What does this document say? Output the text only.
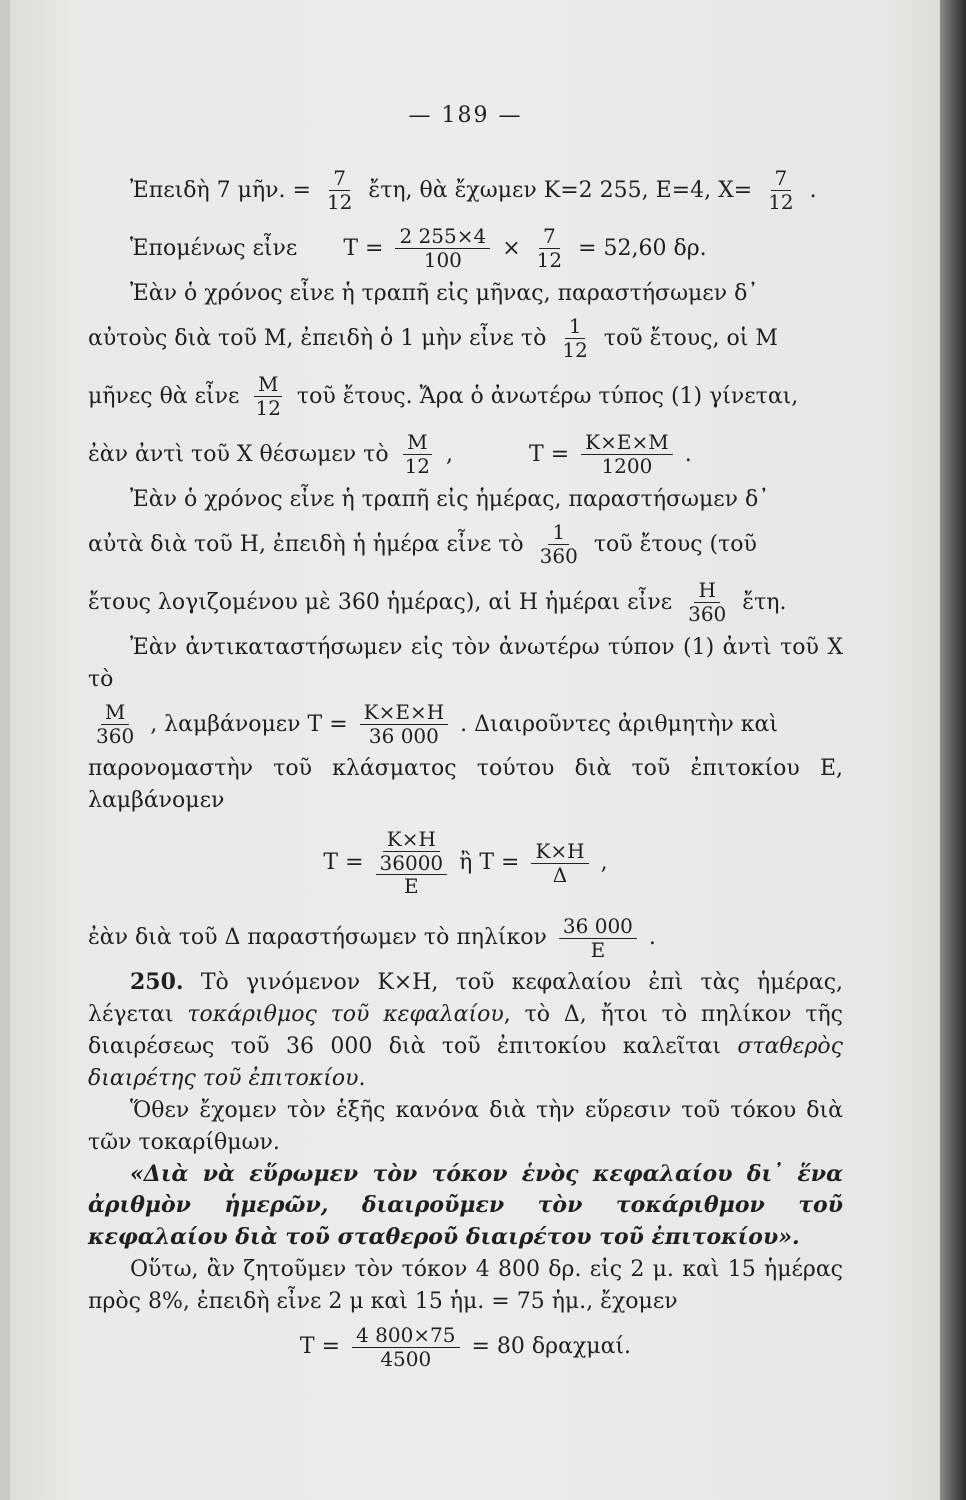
— 189 —
Ἐπειδὴ 7 μῆν. = $\frac{7}{12}$ ἔτη, θὰ ἔχωμεν K=2 255, E=4, $X= \frac{7}{12}$ .
Ἑπομένως εἶνε $T = \frac{2 255\times 4}{100} \times \frac{7}{12} = 52,60$ δρ.

Ἐὰν ὁ χρόνος εἶνε ἡ τραπῆ εἰς μῆνας, παραστήσωμεν δ᾿

αὐτοὺς διὰ τοῦ M, ἐπειδὴ ὁ 1 μὴν εἶνε τὸ $\frac{1}{12}$ τοῦ ἔτους, οἱ M
μῆνες θὰ εἶνε $\frac{M}{12}$ τοῦ ἔτους. Ἄρα ὁ ἀνωτέρω τύπος (1) γίνεται,
ἐὰν ἀντὶ τοῦ X θέσωμεν τὸ $\frac{M}{12}$ ,	$T = \frac{K\times E\times M}{1200}$ .

Ἐὰν ὁ χρόνος εἶνε ἡ τραπῆ εἰς ἡμέρας, παραστήσωμεν δ᾿

αὐτὰ διὰ τοῦ H, ἐπειδὴ ἡ ἡμέρα εἶνε τὸ $\frac{1}{360}$ τοῦ ἔτους (τοῦ
ἔτους λογιζομένου μὲ 360 ἡμέρας), αἱ H ἡμέραι εἶνε $\frac{H}{360}$ ἔτη.

Ἐὰν ἀντικαταστήσωμεν εἰς τὸν ἀνωτέρω τύπον (1) ἀντὶ τοῦ X τὸ

$\frac{M}{360}$ , λαμβάνομεν $T = \frac{K\times E\times H}{36 000}$ . Διαιροῦντες ἀριθμητὴν καὶ

παρονομαστὴν τοῦ κλάσματος τούτου διὰ τοῦ ἐπιτοκίου E, λαμβάνομεν

T =
K×H
36000
E
ἢ $T = \frac{K\times H}{\Delta}$ ,
ἐὰν διὰ τοῦ Δ παραστήσωμεν τὸ πηλίκον $\frac{36 000}{E}$ .

250. Τὸ γινόμενον K×H, τοῦ κεφαλαίου ἐπὶ τὰς ἡμέρας, λέγεται τοκάριθμος τοῦ κεφαλαίου, τὸ Δ, ἤτοι τὸ πηλίκον τῆς διαιρέσεως τοῦ 36 000 διὰ τοῦ ἐπιτοκίου καλεῖται σταθερὸς διαιρέτης τοῦ ἐπιτοκίου.

Ὅθεν ἔχομεν τὸν ἑξῆς κανόνα διὰ τὴν εὕρεσιν τοῦ τόκου διὰ τῶν τοκαρίθμων.

«Διὰ νὰ εὕρωμεν τὸν τόκον ἑνὸς κεφαλαίου δι᾿ ἕνα ἀριθμὸν ἡμερῶν, διαιροῦμεν τὸν τοκάριθμον τοῦ κεφαλαίου διὰ τοῦ σταθεροῦ διαιρέτου τοῦ ἐπιτοκίου».

Οὕτω, ἂν ζητοῦμεν τὸν τόκον 4 800 δρ. εἰς 2 μ. καὶ 15 ἡμέρας πρὸς 8%, ἐπειδὴ εἶνε 2 μ καὶ 15 ἡμ. = 75 ἡμ., ἔχομεν

$T = \frac{4 800\times 75}{4500} = 80$ δραχμαί.
